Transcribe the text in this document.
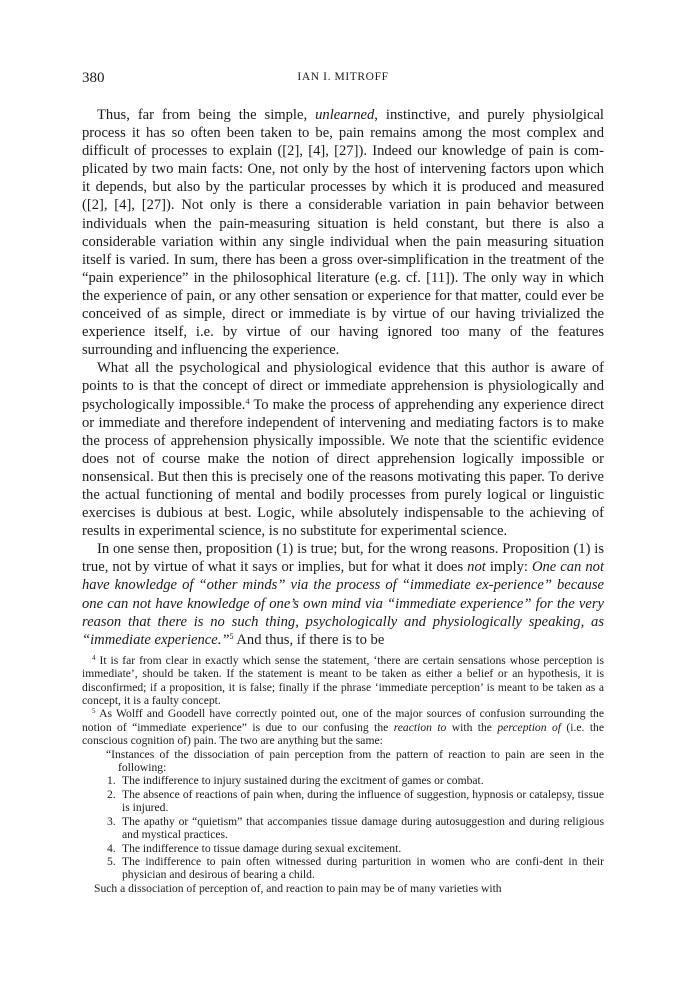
380	IAN I. MITROFF

Thus, far from being the simple, unlearned, instinctive, and purely physiolgical process it has so often been taken to be, pain remains among the most complex and difficult of processes to explain ([2], [4], [27]). Indeed our knowledge of pain is com-plicated by two main facts: One, not only by the host of intervening factors upon which it depends, but also by the particular processes by which it is produced and measured ([2], [4], [27]). Not only is there a considerable variation in pain behavior between individuals when the pain-measuring situation is held constant, but there is also a considerable variation within any single individual when the pain measuring situation itself is varied. In sum, there has been a gross over-simplification in the treatment of the “pain experience” in the philosophical literature (e.g. cf. [11]). The only way in which the experience of pain, or any other sensation or experience for that matter, could ever be conceived of as simple, direct or immediate is by virtue of our having trivialized the experience itself, i.e. by virtue of our having ignored too many of the features surrounding and influencing the experience.

What all the psychological and physiological evidence that this author is aware of points to is that the concept of direct or immediate apprehension is physiologically and psychologically impossible.$^4$ To make the process of apprehending any experience direct or immediate and therefore independent of intervening and mediating factors is to make the process of apprehension physically impossible. We note that the scientific evidence does not of course make the notion of direct apprehension logically impossible or nonsensical. But then this is precisely one of the reasons motivating this paper. To derive the actual functioning of mental and bodily processes from purely logical or linguistic exercises is dubious at best. Logic, while absolutely indispensable to the achieving of results in experimental science, is no substitute for experimental science.

In one sense then, proposition (1) is true; but, for the wrong reasons. Proposition (1) is true, not by virtue of what it says or implies, but for what it does not imply: One can not have knowledge of “other minds” via the process of “immediate ex-perience” because one can not have knowledge of one’s own mind via “immediate experience” for the very reason that there is no such thing, psychologically and physiologically speaking, as “immediate experience.”$^5$ And thus, if there is to be

$^4$ It is far from clear in exactly which sense the statement, ‘there are certain sensations whose perception is immediate’, should be taken. If the statement is meant to be taken as either a belief or an hypothesis, it is disconfirmed; if a proposition, it is false; finally if the phrase ‘immediate perception’ is meant to be taken as a concept, it is a faulty concept.

$^5$ As Wolff and Goodell have correctly pointed out, one of the major sources of confusion surrounding the notion of “immediate experience” is due to our confusing the reaction to with the perception of (i.e. the conscious cognition of) pain. The two are anything but the same:

“Instances of the dissociation of pain perception from the pattern of reaction to pain are seen in the following:

1. The indifference to injury sustained during the excitment of games or combat.
2. The absence of reactions of pain when, during the influence of suggestion, hypnosis or catalepsy, tissue is injured.
3. The apathy or “quietism” that accompanies tissue damage during autosuggestion and during religious and mystical practices.
4. The indifference to tissue damage during sexual excitement.
5. The indifference to pain often witnessed during parturition in women who are confi-dent in their physician and desirous of bearing a child.

Such a dissociation of perception of, and reaction to pain may be of many varieties with
